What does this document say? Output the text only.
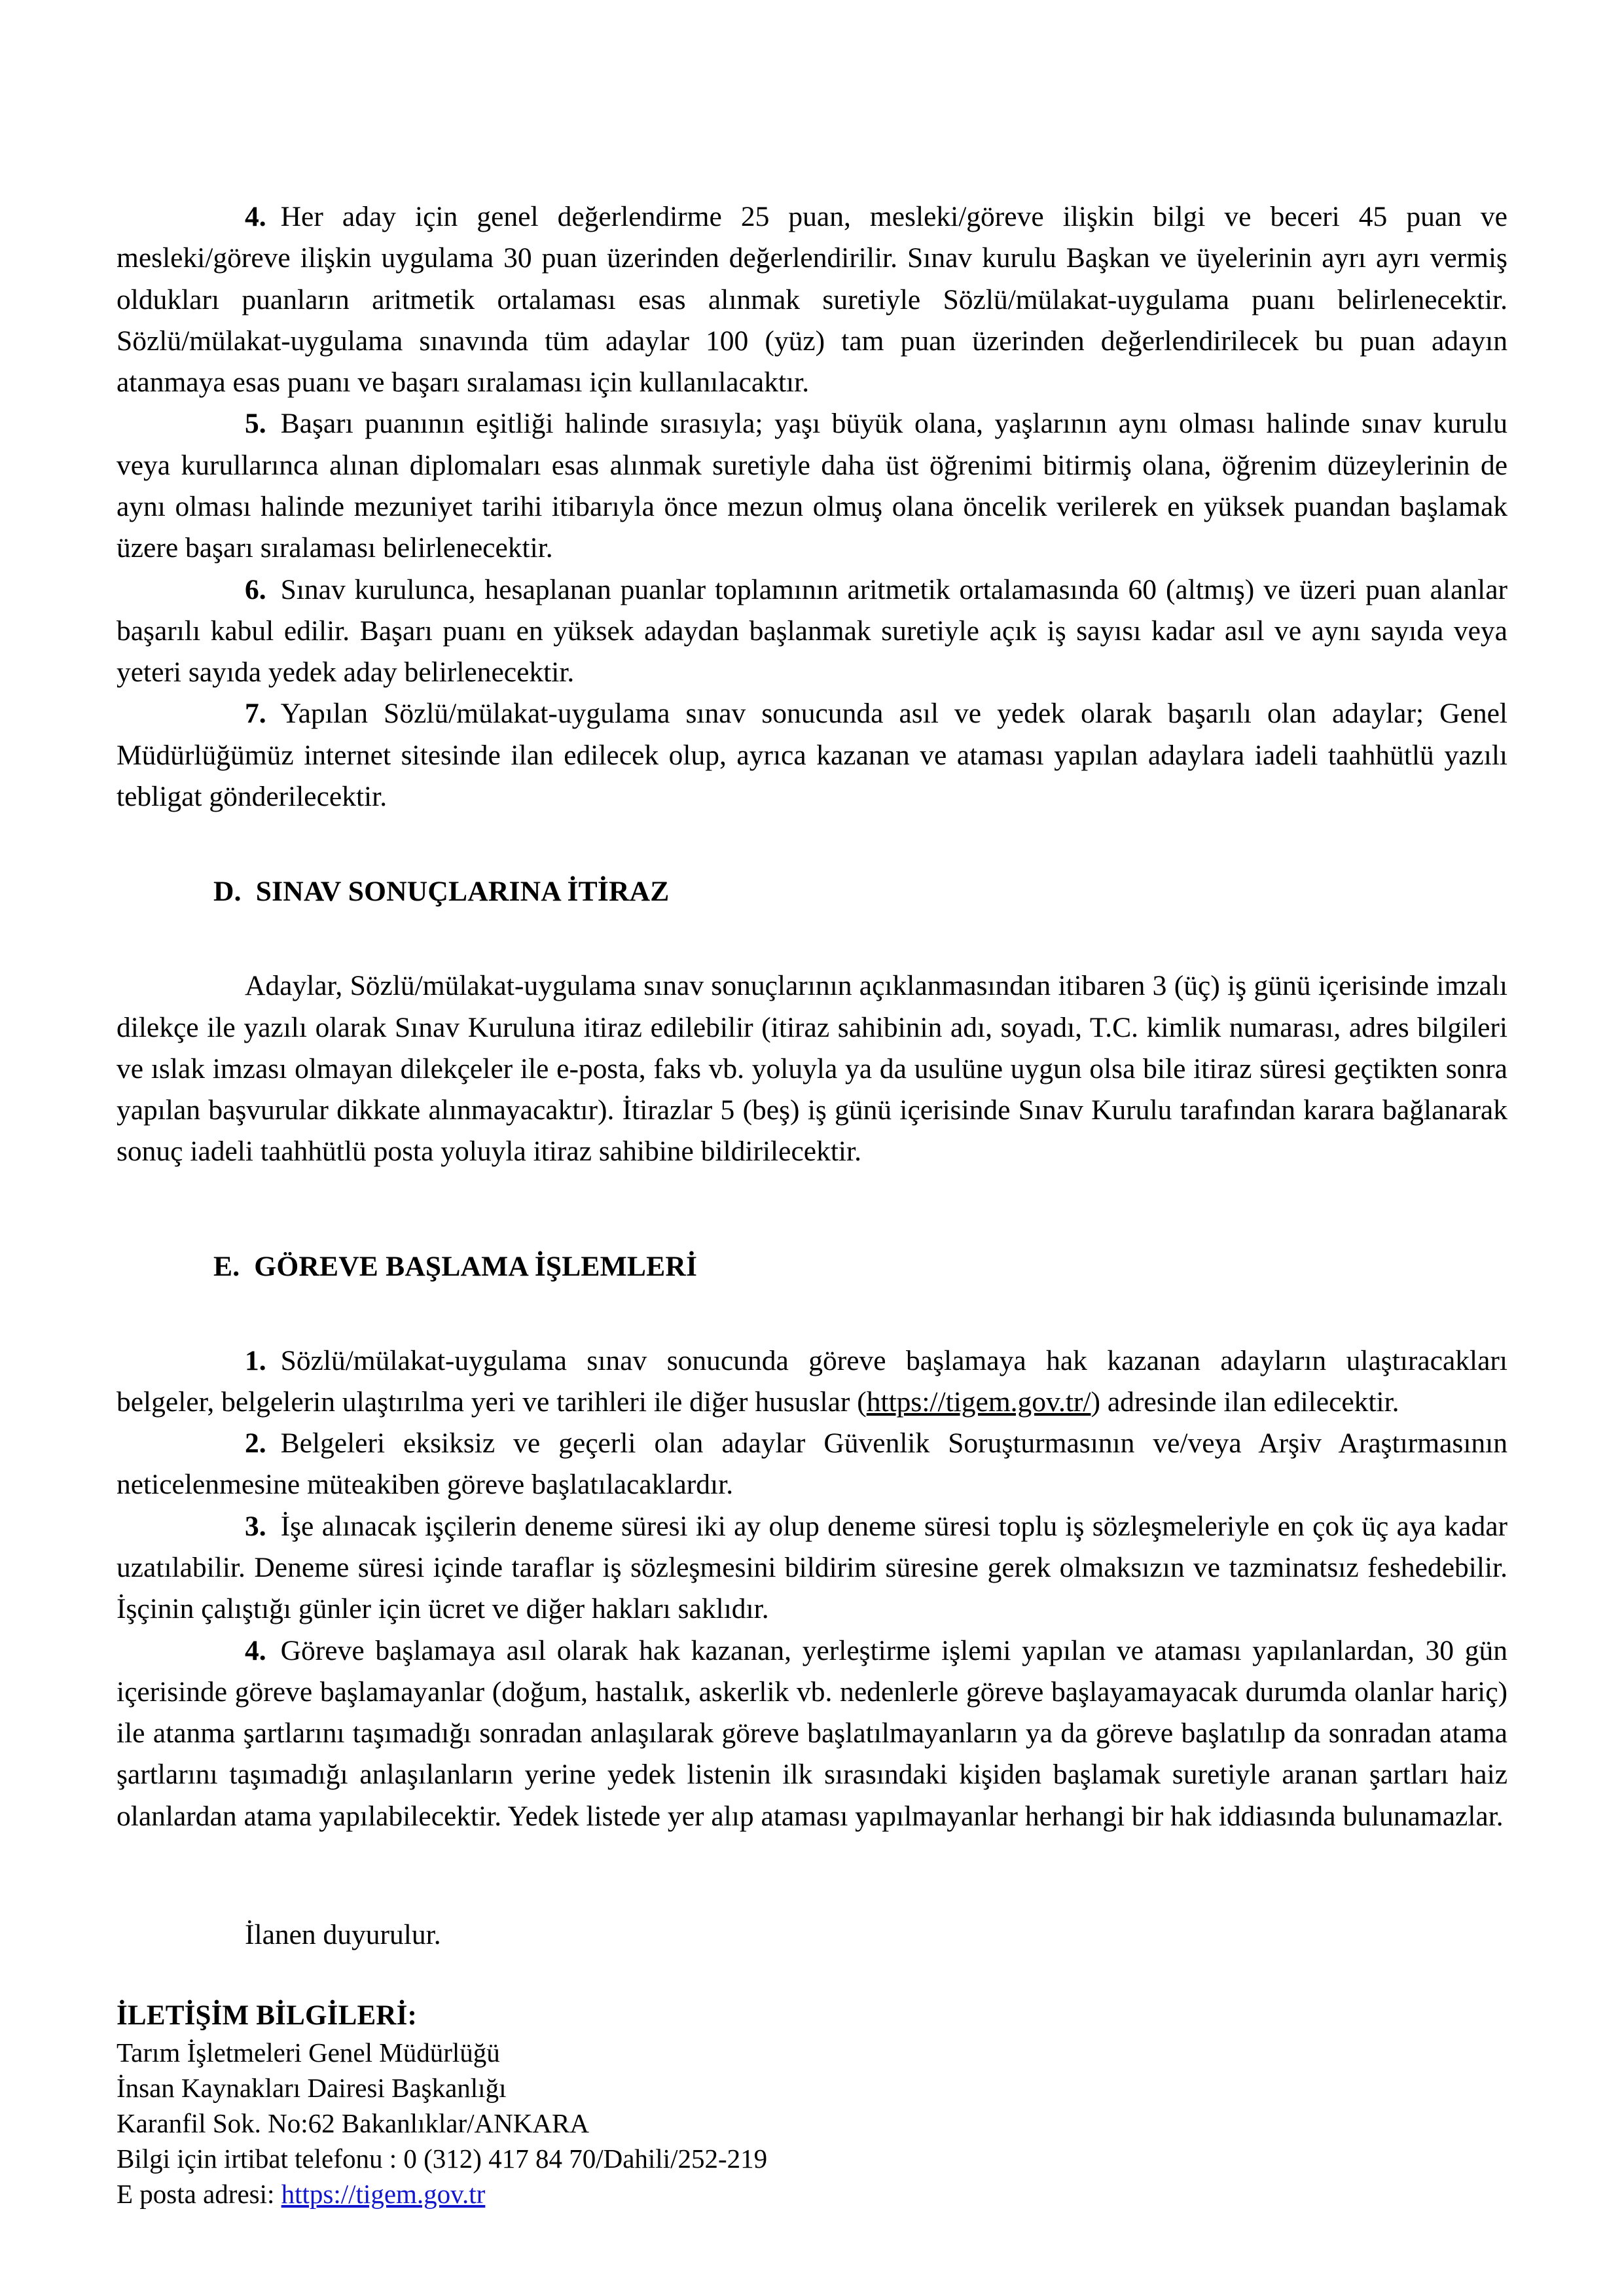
4. Her aday için genel değerlendirme 25 puan, mesleki/göreve ilişkin bilgi ve beceri 45 puan ve mesleki/göreve ilişkin uygulama 30 puan üzerinden değerlendirilir. Sınav kurulu Başkan ve üyelerinin ayrı ayrı vermiş oldukları puanların aritmetik ortalaması esas alınmak suretiyle Sözlü/mülakat-uygulama puanı belirlenecektir. Sözlü/mülakat-uygulama sınavında tüm adaylar 100 (yüz) tam puan üzerinden değerlendirilecek bu puan adayın atanmaya esas puanı ve başarı sıralaması için kullanılacaktır.

5. Başarı puanının eşitliği halinde sırasıyla; yaşı büyük olana, yaşlarının aynı olması halinde sınav kurulu veya kurullarınca alınan diplomaları esas alınmak suretiyle daha üst öğrenimi bitirmiş olana, öğrenim düzeylerinin de aynı olması halinde mezuniyet tarihi itibarıyla önce mezun olmuş olana öncelik verilerek en yüksek puandan başlamak üzere başarı sıralaması belirlenecektir.

6. Sınav kurulunca, hesaplanan puanlar toplamının aritmetik ortalamasında 60 (altmış) ve üzeri puan alanlar başarılı kabul edilir. Başarı puanı en yüksek adaydan başlanmak suretiyle açık iş sayısı kadar asıl ve aynı sayıda veya yeteri sayıda yedek aday belirlenecektir.

7. Yapılan Sözlü/mülakat-uygulama sınav sonucunda asıl ve yedek olarak başarılı olan adaylar; Genel Müdürlüğümüz internet sitesinde ilan edilecek olup, ayrıca kazanan ve ataması yapılan adaylara iadeli taahhütlü yazılı tebligat gönderilecektir.

D. SINAV SONUÇLARINA İTİRAZ

Adaylar, Sözlü/mülakat-uygulama sınav sonuçlarının açıklanmasından itibaren 3 (üç) iş günü içerisinde imzalı dilekçe ile yazılı olarak Sınav Kuruluna itiraz edilebilir (itiraz sahibinin adı, soyadı, T.C. kimlik numarası, adres bilgileri ve ıslak imzası olmayan dilekçeler ile e-posta, faks vb. yoluyla ya da usulüne uygun olsa bile itiraz süresi geçtikten sonra yapılan başvurular dikkate alınmayacaktır). İtirazlar 5 (beş) iş günü içerisinde Sınav Kurulu tarafından karara bağlanarak sonuç iadeli taahhütlü posta yoluyla itiraz sahibine bildirilecektir.

E. GÖREVE BAŞLAMA İŞLEMLERİ

1. Sözlü/mülakat-uygulama sınav sonucunda göreve başlamaya hak kazanan adayların ulaştıracakları belgeler, belgelerin ulaştırılma yeri ve tarihleri ile diğer hususlar (https://tigem.gov.tr/) adresinde ilan edilecektir.

2. Belgeleri eksiksiz ve geçerli olan adaylar Güvenlik Soruşturmasının ve/veya Arşiv Araştırmasının neticelenmesine müteakiben göreve başlatılacaklardır.

3. İşe alınacak işçilerin deneme süresi iki ay olup deneme süresi toplu iş sözleşmeleriyle en çok üç aya kadar uzatılabilir. Deneme süresi içinde taraflar iş sözleşmesini bildirim süresine gerek olmaksızın ve tazminatsız feshedebilir. İşçinin çalıştığı günler için ücret ve diğer hakları saklıdır.

4. Göreve başlamaya asıl olarak hak kazanan, yerleştirme işlemi yapılan ve ataması yapılanlardan, 30 gün içerisinde göreve başlamayanlar (doğum, hastalık, askerlik vb. nedenlerle göreve başlayamayacak durumda olanlar hariç) ile atanma şartlarını taşımadığı sonradan anlaşılarak göreve başlatılmayanların ya da göreve başlatılıp da sonradan atama şartlarını taşımadığı anlaşılanların yerine yedek listenin ilk sırasındaki kişiden başlamak suretiyle aranan şartları haiz olanlardan atama yapılabilecektir. Yedek listede yer alıp ataması yapılmayanlar herhangi bir hak iddiasında bulunamazlar.

İlanen duyurulur.

İLETİŞİM BİLGİLERİ:
Tarım İşletmeleri Genel Müdürlüğü
İnsan Kaynakları Dairesi Başkanlığı
Karanfil Sok. No:62 Bakanlıklar/ANKARA
Bilgi için irtibat telefonu : 0 (312) 417 84 70/Dahili/252-219
E posta adresi: https://tigem.gov.tr
